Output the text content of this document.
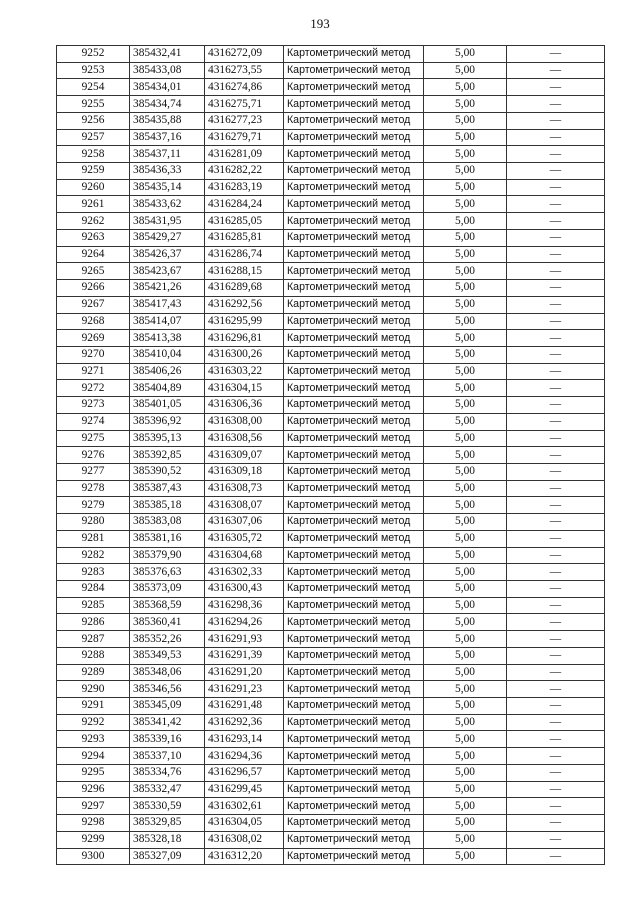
193
9252	385432,41	4316272,09	Картометрический метод	5,00	—
9253	385433,08	4316273,55	Картометрический метод	5,00	—
9254	385434,01	4316274,86	Картометрический метод	5,00	—
9255	385434,74	4316275,71	Картометрический метод	5,00	—
9256	385435,88	4316277,23	Картометрический метод	5,00	—
9257	385437,16	4316279,71	Картометрический метод	5,00	—
9258	385437,11	4316281,09	Картометрический метод	5,00	—
9259	385436,33	4316282,22	Картометрический метод	5,00	—
9260	385435,14	4316283,19	Картометрический метод	5,00	—
9261	385433,62	4316284,24	Картометрический метод	5,00	—
9262	385431,95	4316285,05	Картометрический метод	5,00	—
9263	385429,27	4316285,81	Картометрический метод	5,00	—
9264	385426,37	4316286,74	Картометрический метод	5,00	—
9265	385423,67	4316288,15	Картометрический метод	5,00	—
9266	385421,26	4316289,68	Картометрический метод	5,00	—
9267	385417,43	4316292,56	Картометрический метод	5,00	—
9268	385414,07	4316295,99	Картометрический метод	5,00	—
9269	385413,38	4316296,81	Картометрический метод	5,00	—
9270	385410,04	4316300,26	Картометрический метод	5,00	—
9271	385406,26	4316303,22	Картометрический метод	5,00	—
9272	385404,89	4316304,15	Картометрический метод	5,00	—
9273	385401,05	4316306,36	Картометрический метод	5,00	—
9274	385396,92	4316308,00	Картометрический метод	5,00	—
9275	385395,13	4316308,56	Картометрический метод	5,00	—
9276	385392,85	4316309,07	Картометрический метод	5,00	—
9277	385390,52	4316309,18	Картометрический метод	5,00	—
9278	385387,43	4316308,73	Картометрический метод	5,00	—
9279	385385,18	4316308,07	Картометрический метод	5,00	—
9280	385383,08	4316307,06	Картометрический метод	5,00	—
9281	385381,16	4316305,72	Картометрический метод	5,00	—
9282	385379,90	4316304,68	Картометрический метод	5,00	—
9283	385376,63	4316302,33	Картометрический метод	5,00	—
9284	385373,09	4316300,43	Картометрический метод	5,00	—
9285	385368,59	4316298,36	Картометрический метод	5,00	—
9286	385360,41	4316294,26	Картометрический метод	5,00	—
9287	385352,26	4316291,93	Картометрический метод	5,00	—
9288	385349,53	4316291,39	Картометрический метод	5,00	—
9289	385348,06	4316291,20	Картометрический метод	5,00	—
9290	385346,56	4316291,23	Картометрический метод	5,00	—
9291	385345,09	4316291,48	Картометрический метод	5,00	—
9292	385341,42	4316292,36	Картометрический метод	5,00	—
9293	385339,16	4316293,14	Картометрический метод	5,00	—
9294	385337,10	4316294,36	Картометрический метод	5,00	—
9295	385334,76	4316296,57	Картометрический метод	5,00	—
9296	385332,47	4316299,45	Картометрический метод	5,00	—
9297	385330,59	4316302,61	Картометрический метод	5,00	—
9298	385329,85	4316304,05	Картометрический метод	5,00	—
9299	385328,18	4316308,02	Картометрический метод	5,00	—
9300	385327,09	4316312,20	Картометрический метод	5,00	—
